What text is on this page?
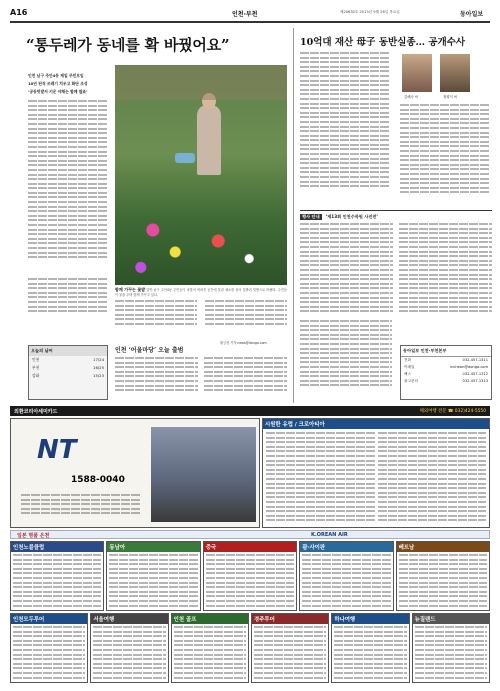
A16	인천·부천	제20630호 2013년 9월 26일 목요일	동아일보
“통두레가 동네를 확 바꿨어요”
인천 남구 주안4동 제일 주민모임
10년 된직 쓰레기 치우고 화단 조성
‘공동텃밭서 키운 야채는 함께 쌀죠’
함께 가꾸는 꽃밭 일반 남구 주안4동 주민들이 마을의 버려진 공간에 꽃과 채소를 심어 꽃밭과 텃밭으로 바꿨다. 주민들이 물을 주며 함께 가꾸고 있다.
황금천 기자 news@donga.com
오늘의 날씨
인천	17/24
부천	16/25
강화	15/23
인천 ‘어울마당’ 오늘 출범
10억대 재산 母子 동반실종… 공개수사
김혜숙 씨	정희익 씨
행사 안내	‘제13회 인천수목원 사진전’
동아일보 인천·부천본부
전화	032-457-1311
이메일	incheon@donga.com
팩스	032-457-1312
광고문의	032-457-1313
외환코리아세미카드	해외여행 전문 ☎ 032)424-5550
NT
1588-0040
시원한 유럽 / 크로아티아
K.OREAN AIR
일본 명품 온천
인천노블클럽	동남아	중국	괌·사이판	베트남
인천모두투어	서울여행	인천 골프	경주투어	하나여행	뉴질랜드
